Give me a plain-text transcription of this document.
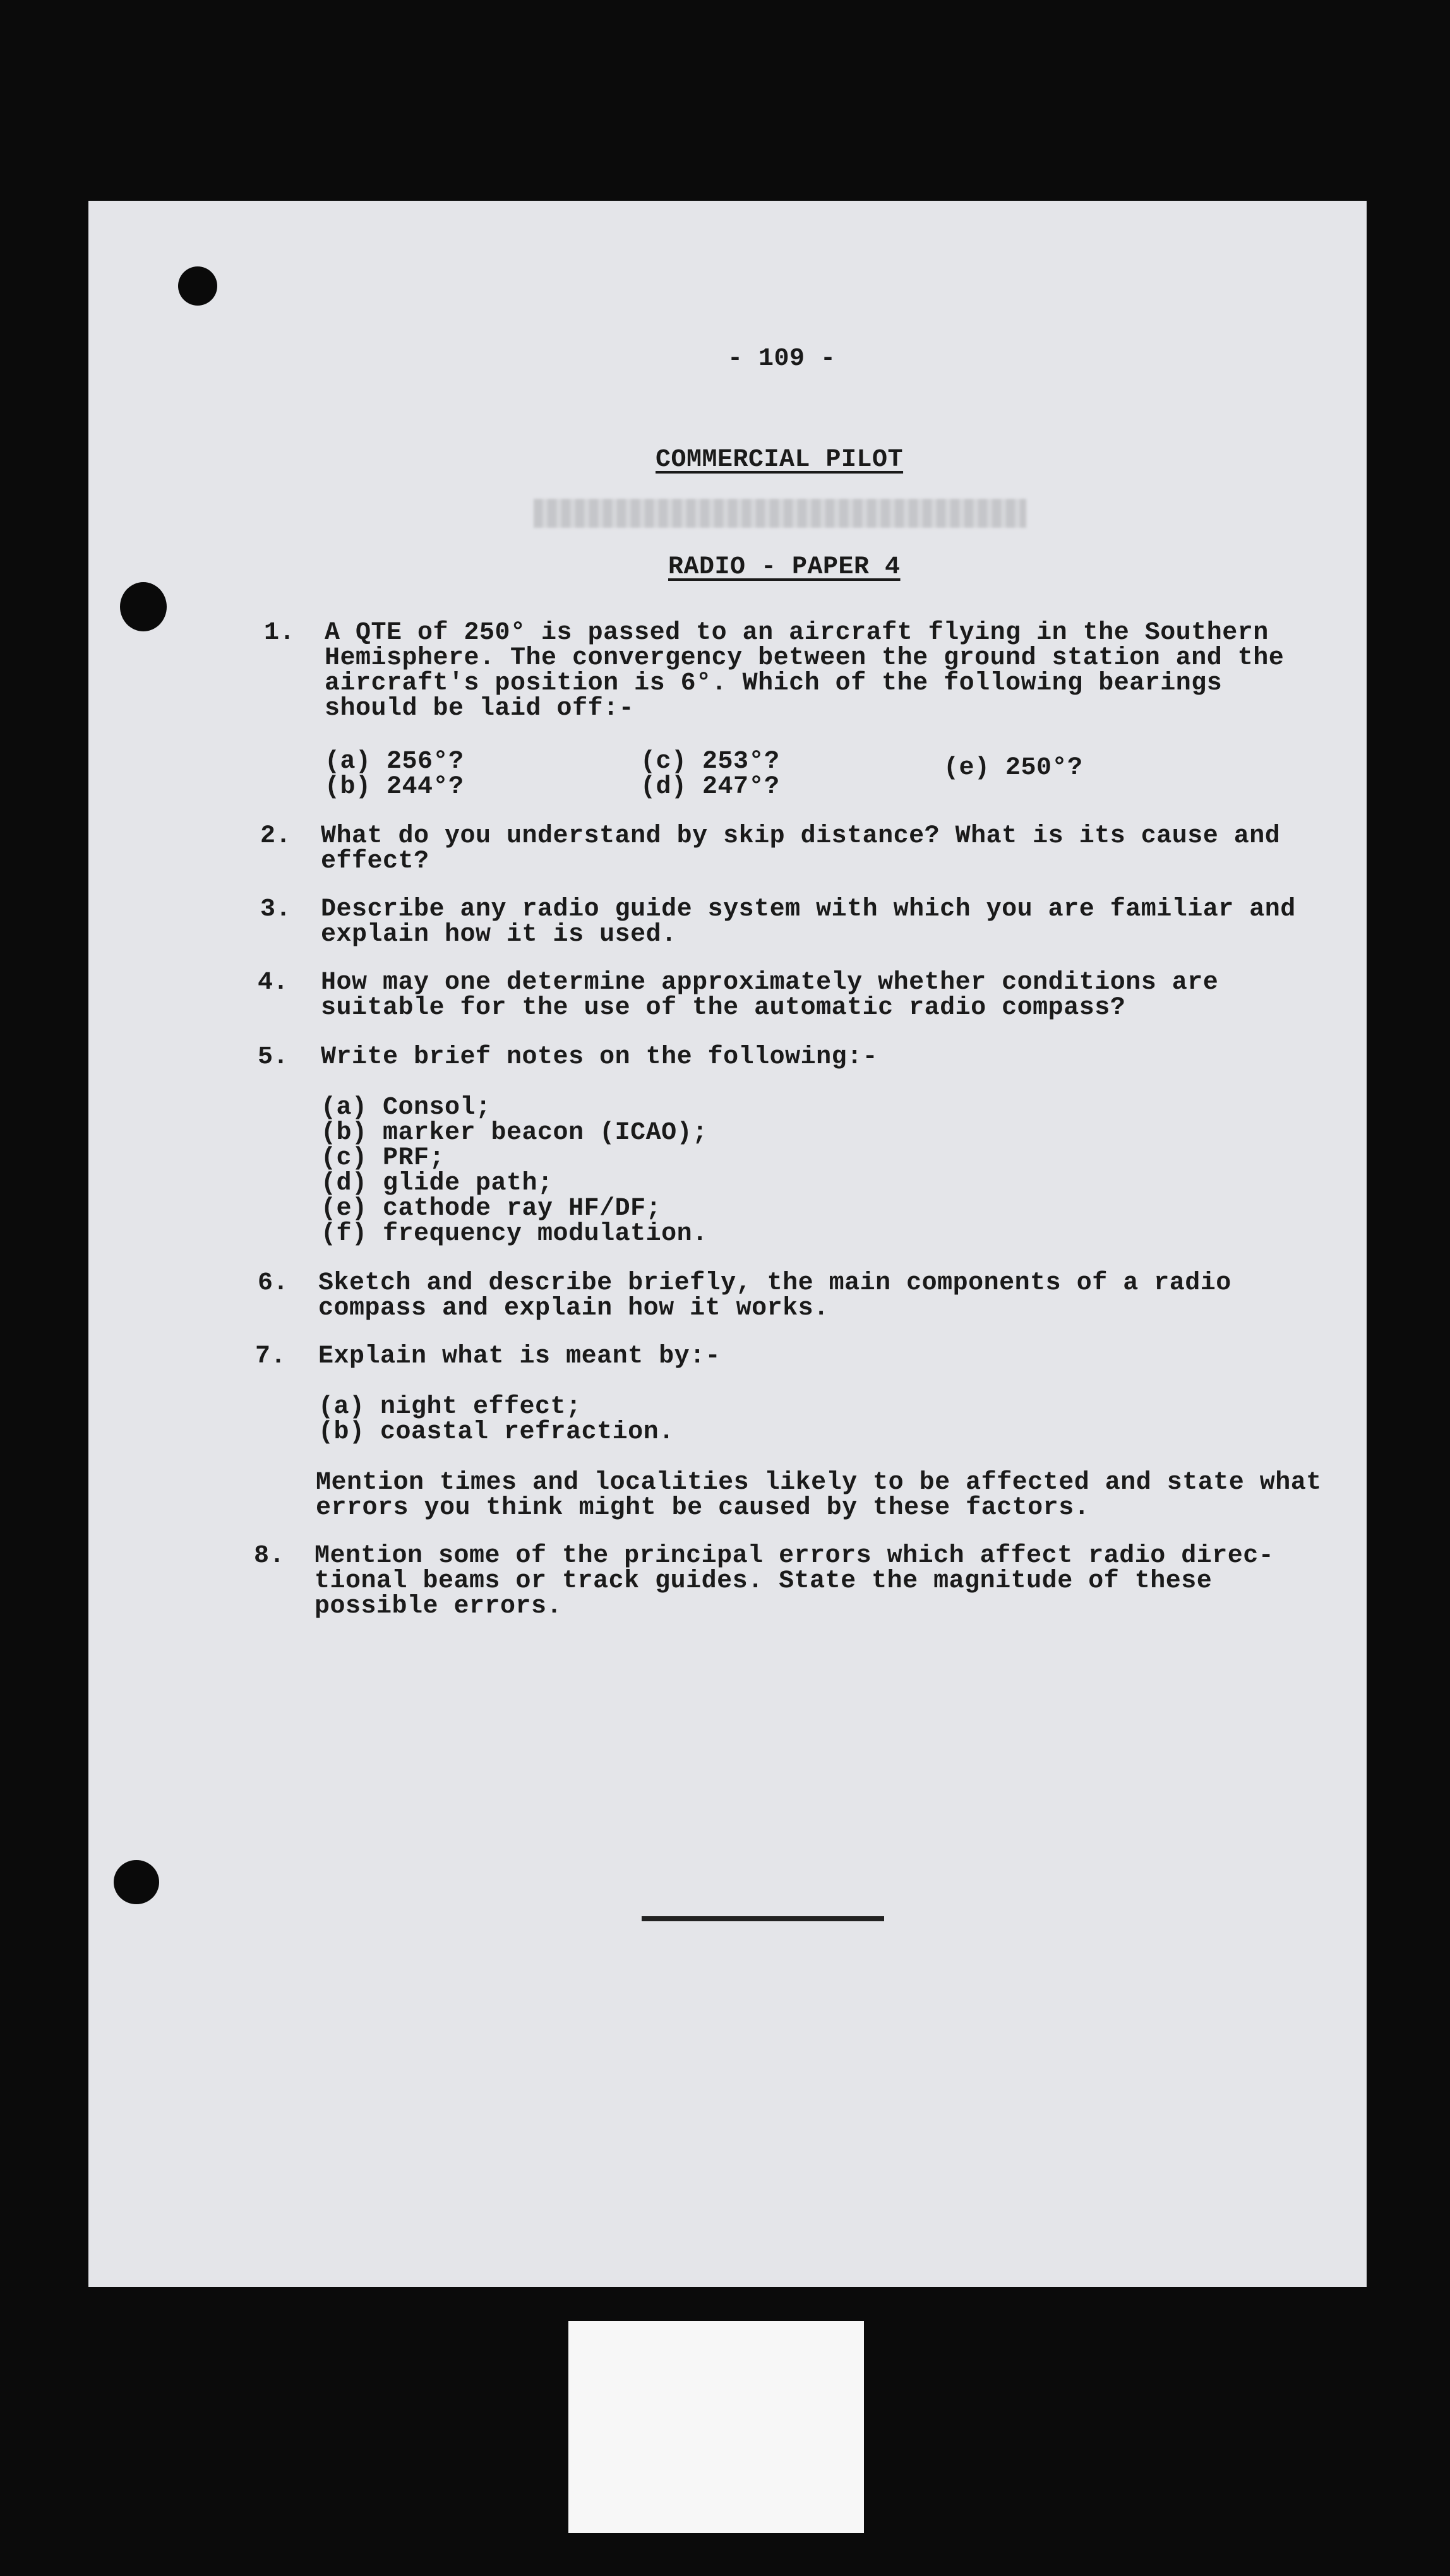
- 109 -
COMMERCIAL PILOT
RADIO - PAPER 4
1. A QTE of 250° is passed to an aircraft flying in the Southern
Hemisphere. The convergency between the ground station and the
aircraft's position is 6°. Which of the following bearings
should be laid off:-
(a) 256°?
(b) 244°?
(c) 253°?
(d) 247°?
(e) 250°?
2. What do you understand by skip distance? What is its cause and
effect?
3. Describe any radio guide system with which you are familiar and
explain how it is used.
4. How may one determine approximately whether conditions are
suitable for the use of the automatic radio compass?
5. Write brief notes on the following:-
(a) Consol;
(b) marker beacon (ICAO);
(c) PRF;
(d) glide path;
(e) cathode ray HF/DF;
(f) frequency modulation.
6. Sketch and describe briefly, the main components of a radio
compass and explain how it works.
7. Explain what is meant by:-
(a) night effect;
(b) coastal refraction.
Mention times and localities likely to be affected and state what
errors you think might be caused by these factors.
8. Mention some of the principal errors which affect radio direc-
tional beams or track guides. State the magnitude of these
possible errors.
